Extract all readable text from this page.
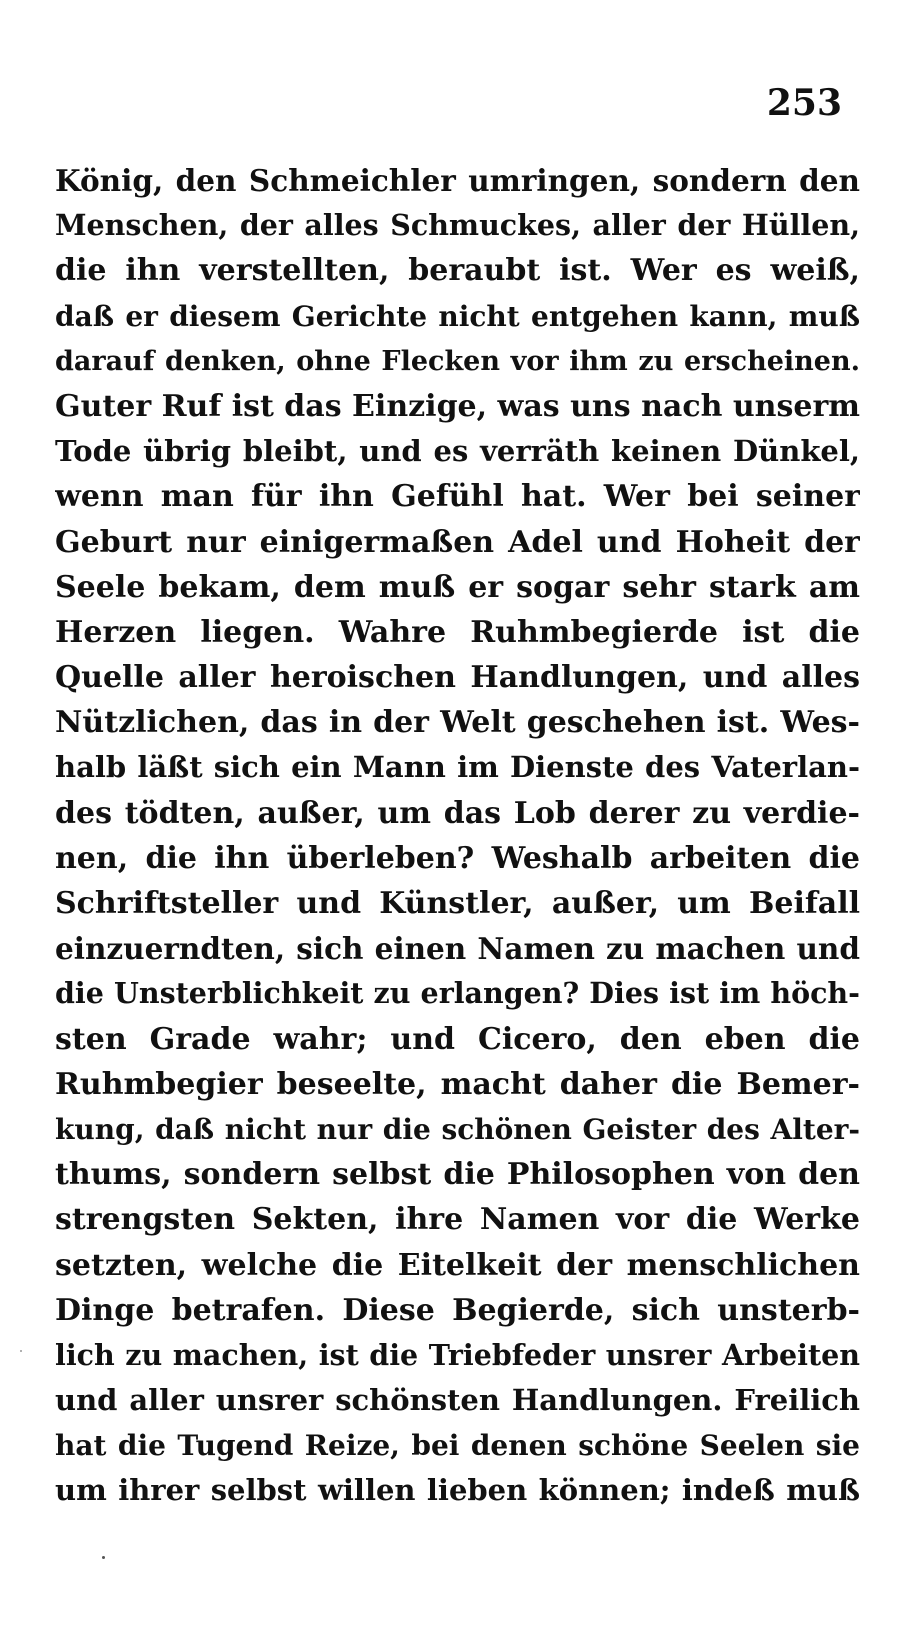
253
König, den Schmeichler umringen, sondern den
Menschen, der alles Schmuckes, aller der Hüllen,
die ihn verstellten, beraubt ist. Wer es weiß,
daß er diesem Gerichte nicht entgehen kann, muß
darauf denken, ohne Flecken vor ihm zu erscheinen.
Guter Ruf ist das Einzige, was uns nach unserm
Tode übrig bleibt, und es verräth keinen Dünkel,
wenn man für ihn Gefühl hat. Wer bei seiner
Geburt nur einigermaßen Adel und Hoheit der
Seele bekam, dem muß er sogar sehr stark am
Herzen liegen. Wahre Ruhmbegierde ist die
Quelle aller heroischen Handlungen, und alles
Nützlichen, das in der Welt geschehen ist. Wes-
halb läßt sich ein Mann im Dienste des Vaterlan-
des tödten, außer, um das Lob derer zu verdie-
nen, die ihn überleben? Weshalb arbeiten die
Schriftsteller und Künstler, außer, um Beifall
einzuerndten, sich einen Namen zu machen und
die Unsterblichkeit zu erlangen? Dies ist im höch-
sten Grade wahr; und Cicero, den eben die
Ruhmbegier beseelte, macht daher die Bemer-
kung, daß nicht nur die schönen Geister des Alter-
thums, sondern selbst die Philosophen von den
strengsten Sekten, ihre Namen vor die Werke
setzten, welche die Eitelkeit der menschlichen
Dinge betrafen. Diese Begierde, sich unsterb-
lich zu machen, ist die Triebfeder unsrer Arbeiten
und aller unsrer schönsten Handlungen. Freilich
hat die Tugend Reize, bei denen schöne Seelen sie
um ihrer selbst willen lieben können; indeß muß
